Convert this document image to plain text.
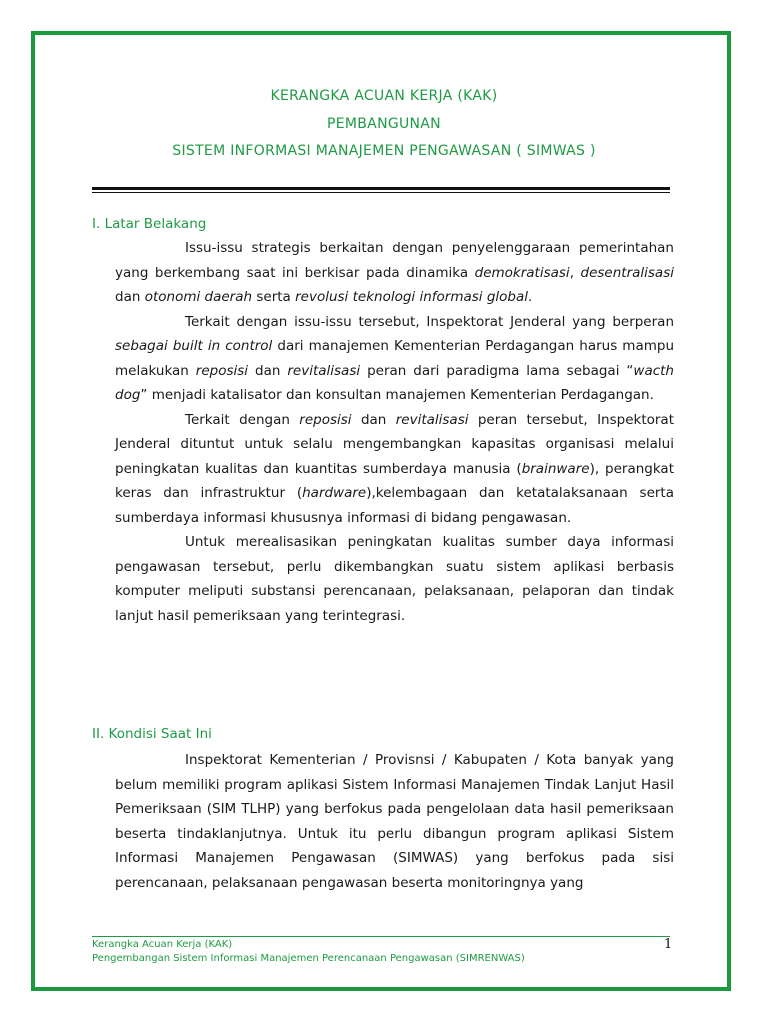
KERANGKA ACUAN KERJA (KAK)
PEMBANGUNAN
SISTEM INFORMASI MANAJEMEN PENGAWASAN ( SIMWAS )
I. Latar Belakang

Issu-issu strategis berkaitan dengan penyelenggaraan pemerintahan yang berkembang saat ini berkisar pada dinamika demokratisasi, desentralisasi dan otonomi daerah serta revolusi teknologi informasi global.

Terkait dengan issu-issu tersebut, Inspektorat Jenderal yang berperan sebagai built in control dari manajemen Kementerian Perdagangan harus mampu melakukan reposisi dan revitalisasi peran dari paradigma lama sebagai “wacth dog” menjadi katalisator dan konsultan manajemen Kementerian Perdagangan.

Terkait dengan reposisi dan revitalisasi peran tersebut, Inspektorat Jenderal dituntut untuk selalu mengembangkan kapasitas organisasi melalui peningkatan kualitas dan kuantitas sumberdaya manusia (brainware), perangkat keras dan infrastruktur (hardware),kelembagaan dan ketatalaksanaan serta sumberdaya informasi khususnya informasi di bidang pengawasan.

Untuk merealisasikan peningkatan kualitas sumber daya informasi pengawasan tersebut, perlu dikembangkan suatu sistem aplikasi berbasis komputer meliputi substansi perencanaan, pelaksanaan, pelaporan dan tindak lanjut hasil pemeriksaan yang terintegrasi.

II. Kondisi Saat Ini

Inspektorat Kementerian / Provisnsi / Kabupaten / Kota banyak yang belum memiliki program aplikasi Sistem Informasi Manajemen Tindak Lanjut Hasil Pemeriksaan (SIM TLHP) yang berfokus pada pengelolaan data hasil pemeriksaan beserta tindaklanjutnya. Untuk itu perlu dibangun program aplikasi Sistem Informasi Manajemen Pengawasan (SIMWAS) yang berfokus pada sisi perencanaan, pelaksanaan pengawasan beserta monitoringnya yang

Kerangka Acuan Kerja (KAK)
Pengembangan Sistem Informasi Manajemen Perencanaan Pengawasan (SIMRENWAS)
1
